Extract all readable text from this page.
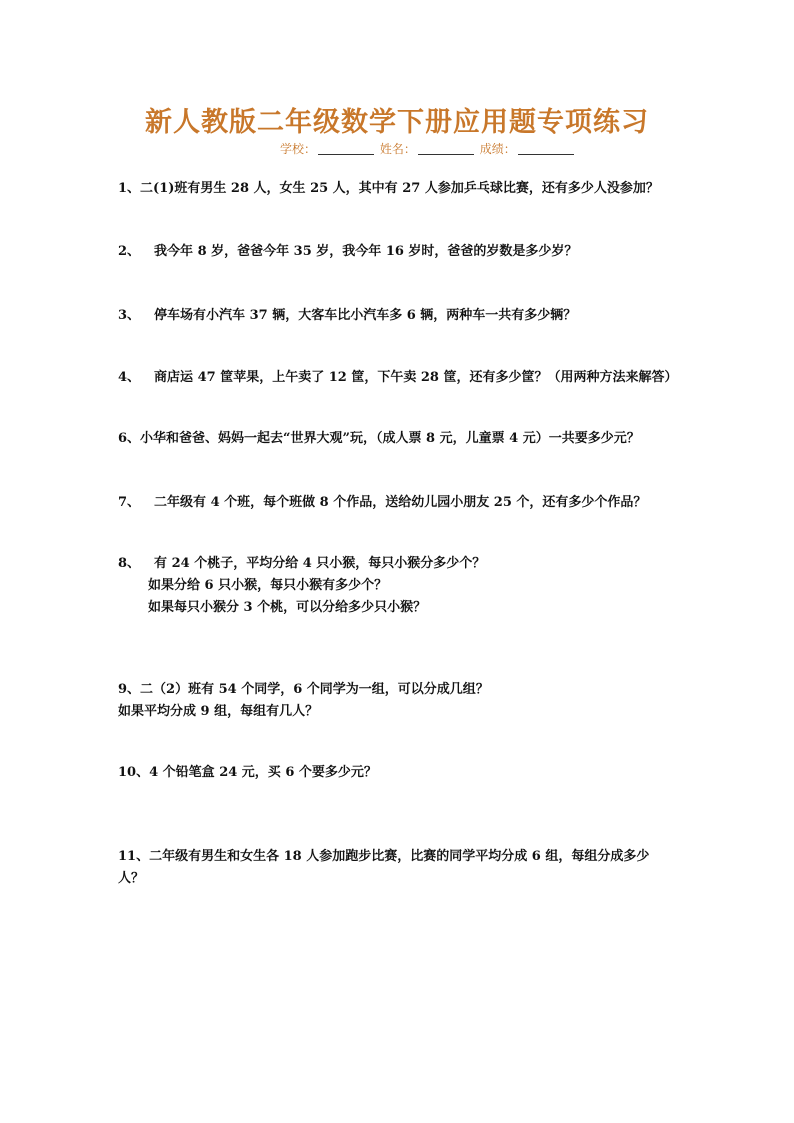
新人教版二年级数学下册应用题专项练习
学校：	姓名：	成绩：
1、二(1)班有男生 28 人，女生 25 人，其中有 27 人参加乒乓球比赛，还有多少人没参加？
2、 我今年 8 岁，爸爸今年 35 岁，我今年 16 岁时，爸爸的岁数是多少岁？
3、 停车场有小汽车 37 辆，大客车比小汽车多 6 辆，两种车一共有多少辆？
4、 商店运 47 筐苹果，上午卖了 12 筐，下午卖 28 筐，还有多少筐？（用两种方法来解答）
6、小华和爸爸、妈妈一起去“世界大观”玩，（成人票 8 元，儿童票 4 元）一共要多少元？
7、 二年级有 4 个班，每个班做 8 个作品，送给幼儿园小朋友 25 个，还有多少个作品？
8、 有 24 个桃子，平均分给 4 只小猴，每只小猴分多少个？
如果分给 6 只小猴，每只小猴有多少个？
如果每只小猴分 3 个桃，可以分给多少只小猴？
9、二（2）班有 54 个同学，6 个同学为一组，可以分成几组？
如果平均分成 9 组，每组有几人？
10、4 个铅笔盒 24 元，买 6 个要多少元？
11、二年级有男生和女生各 18 人参加跑步比赛，比赛的同学平均分成 6 组，每组分成多少
人？
